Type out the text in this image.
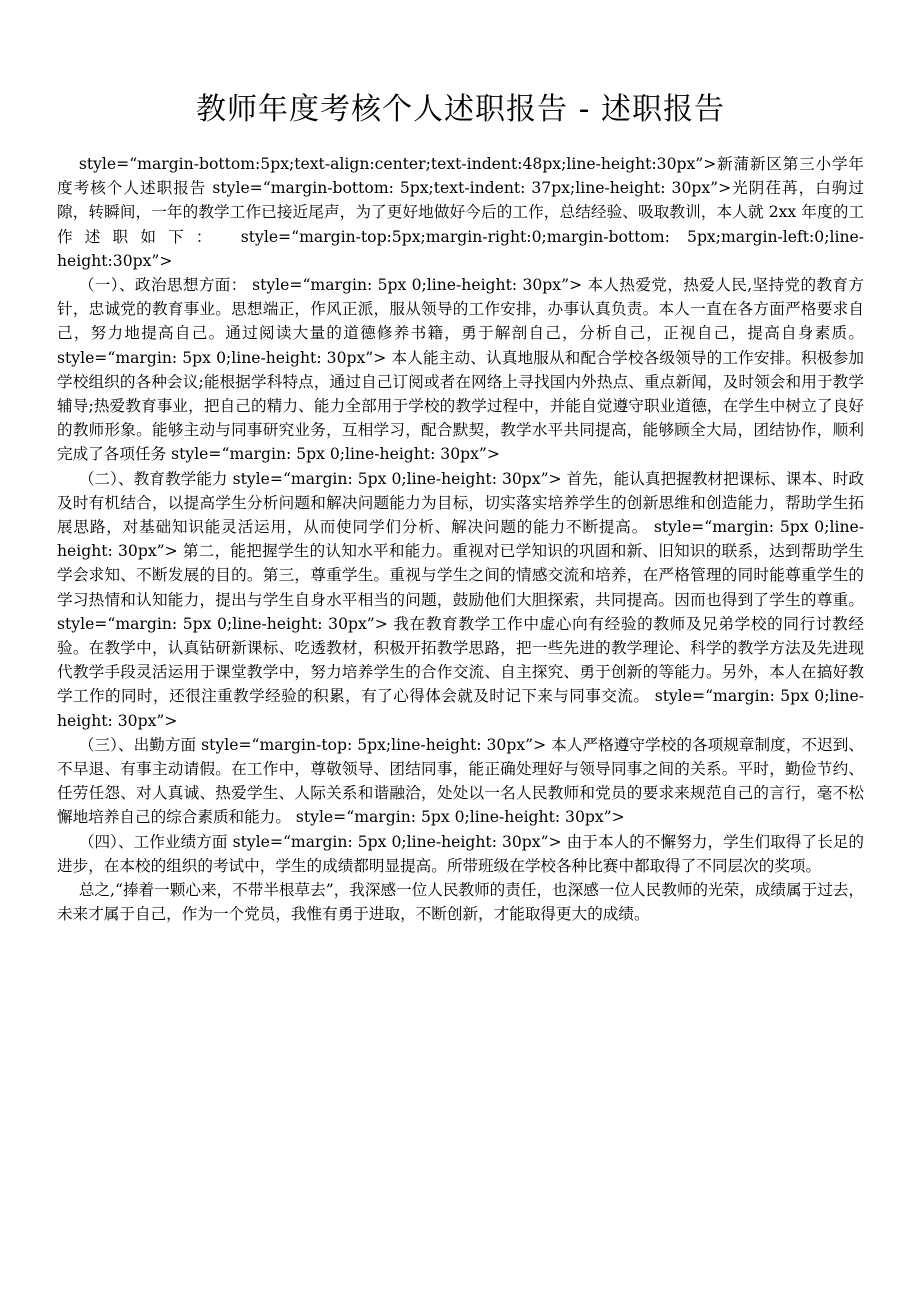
教师年度考核个人述职报告 - 述职报告

style=“margin-bottom:5px;text-align:center;text-indent:48px;line-height:30px”>新蒲新区第三小学年度考核个人述职报告 style=“margin-bottom: 5px;text-indent: 37px;line-height: 30px”>光阴荏苒，白驹过隙，转瞬间，一年的教学工作已接近尾声，为了更好地做好今后的工作，总结经验、吸取教训，本人就 2xx 年度的工作述职如下： style=“margin-top:5px;margin-right:0;margin-bottom: 5px;margin-left:0;line-height:30px”>

（一）、政治思想方面： style=“margin: 5px 0;line-height: 30px”> 本人热爱党，热爱人民,坚持党的教育方针，忠诚党的教育事业。思想端正，作风正派，服从领导的工作安排，办事认真负责。本人一直在各方面严格要求自己，努力地提高自己。通过阅读大量的道德修养书籍，勇于解剖自己，分析自己，正视自己，提高自身素质。 style=“margin: 5px 0;line-height: 30px”> 本人能主动、认真地服从和配合学校各级领导的工作安排。积极参加学校组织的各种会议;能根据学科特点，通过自己订阅或者在网络上寻找国内外热点、重点新闻，及时领会和用于教学辅导;热爱教育事业，把自己的精力、能力全部用于学校的教学过程中，并能自觉遵守职业道德，在学生中树立了良好的教师形象。能够主动与同事研究业务，互相学习，配合默契，教学水平共同提高，能够顾全大局，团结协作，顺利完成了各项任务 style=“margin: 5px 0;line-height: 30px”>

（二）、教育教学能力 style=“margin: 5px 0;line-height: 30px”> 首先，能认真把握教材把课标、课本、时政及时有机结合，以提高学生分析问题和解决问题能力为目标，切实落实培养学生的创新思维和创造能力，帮助学生拓展思路，对基础知识能灵活运用，从而使同学们分析、解决问题的能力不断提高。 style=“margin: 5px 0;line-height: 30px”> 第二，能把握学生的认知水平和能力。重视对已学知识的巩固和新、旧知识的联系，达到帮助学生学会求知、不断发展的目的。第三，尊重学生。重视与学生之间的情感交流和培养，在严格管理的同时能尊重学生的学习热情和认知能力，提出与学生自身水平相当的问题，鼓励他们大胆探索，共同提高。因而也得到了学生的尊重。 style=“margin: 5px 0;line-height: 30px”> 我在教育教学工作中虚心向有经验的教师及兄弟学校的同行讨教经验。在教学中，认真钻研新课标、吃透教材，积极开拓教学思路，把一些先进的教学理论、科学的教学方法及先进现代教学手段灵活运用于课堂教学中，努力培养学生的合作交流、自主探究、勇于创新的等能力。另外，本人在搞好教学工作的同时，还很注重教学经验的积累，有了心得体会就及时记下来与同事交流。 style=“margin: 5px 0;line-height: 30px”>

（三）、出勤方面 style=“margin-top: 5px;line-height: 30px”> 本人严格遵守学校的各项规章制度，不迟到、不早退、有事主动请假。在工作中，尊敬领导、团结同事，能正确处理好与领导同事之间的关系。平时，勤俭节约、任劳任怨、对人真诚、热爱学生、人际关系和谐融洽，处处以一名人民教师和党员的要求来规范自己的言行，毫不松懈地培养自己的综合素质和能力。 style=“margin: 5px 0;line-height: 30px”>

（四）、工作业绩方面 style=“margin: 5px 0;line-height: 30px”> 由于本人的不懈努力，学生们取得了长足的进步，在本校的组织的考试中，学生的成绩都明显提高。所带班级在学校各种比赛中都取得了不同层次的奖项。

总之,“捧着一颗心来，不带半根草去”，我深感一位人民教师的责任，也深感一位人民教师的光荣，成绩属于过去，未来才属于自己，作为一个党员，我惟有勇于进取，不断创新，才能取得更大的成绩。
